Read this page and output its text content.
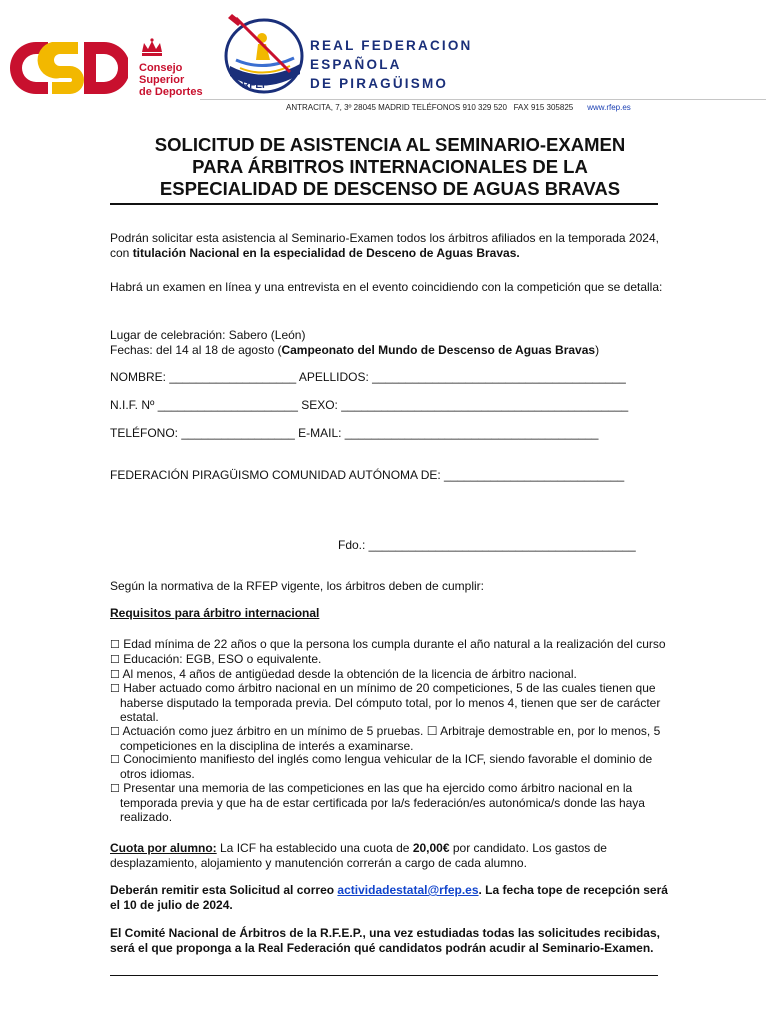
Consejo
Superior
de Deportes
RFEP
REAL FEDERACION
ESPAÑOLA
DE PIRAGÜISMO
ANTRACITA, 7, 3º 28045 MADRID TELÉFONOS 910 329 520   FAX 915 305825 www.rfep.es
SOLICITUD DE ASISTENCIA AL SEMINARIO-EXAMEN
PARA ÁRBITROS INTERNACIONALES DE LA
ESPECIALIDAD DE DESCENSO DE AGUAS BRAVAS
Podrán solicitar esta asistencia al Seminario-Examen todos los árbitros afiliados en la temporada 2024, con titulación Nacional en la especialidad de Desceno de Aguas Bravas.
Habrá un examen en línea y una entrevista en el evento coincidiendo con la competición que se detalla:
Lugar de celebración: Sabero (León)
Fechas: del 14 al 18 de agosto (Campeonato del Mundo de Descenso de Aguas Bravas)
NOMBRE: ___________________ APELLIDOS: ______________________________________
N.I.F. Nº _____________________ SEXO: ___________________________________________
TELÉFONO: _________________ E-MAIL: ______________________________________
FEDERACIÓN PIRAGÜISMO COMUNIDAD AUTÓNOMA DE: ___________________________
Fdo.: ________________________________________
Según la normativa de la RFEP vigente, los árbitros deben de cumplir:
Requisitos para árbitro internacional
☐ Edad mínima de 22 años o que la persona los cumpla durante el año natural a la realización del curso
☐ Educación: EGB, ESO o equivalente.
☐ Al menos, 4 años de antigüedad desde la obtención de la licencia de árbitro nacional.
☐ Haber actuado como árbitro nacional en un mínimo de 20 competiciones, 5 de las cuales tienen que haberse disputado la temporada previa. Del cómputo total, por lo menos 4, tienen que ser de carácter estatal.
☐ Actuación como juez árbitro en un mínimo de 5 pruebas. ☐ Arbitraje demostrable en, por lo menos, 5 competiciones en la disciplina de interés a examinarse.
☐ Conocimiento manifiesto del inglés como lengua vehicular de la ICF, siendo favorable el dominio de otros idiomas.
☐ Presentar una memoria de las competiciones en las que ha ejercido como árbitro nacional en la temporada previa y que ha de estar certificada por la/s federación/es autonómica/s donde las haya realizado.
Cuota por alumno: La ICF ha establecido una cuota de 20,00€ por candidato. Los gastos de desplazamiento, alojamiento y manutención correrán a cargo de cada alumno.
Deberán remitir esta Solicitud al correo actividadestatal@rfep.es. La fecha tope de recepción será el 10 de julio de 2024.
El Comité Nacional de Árbitros de la R.F.E.P., una vez estudiadas todas las solicitudes recibidas, será el que proponga a la Real Federación qué candidatos podrán acudir al Seminario-Examen.
